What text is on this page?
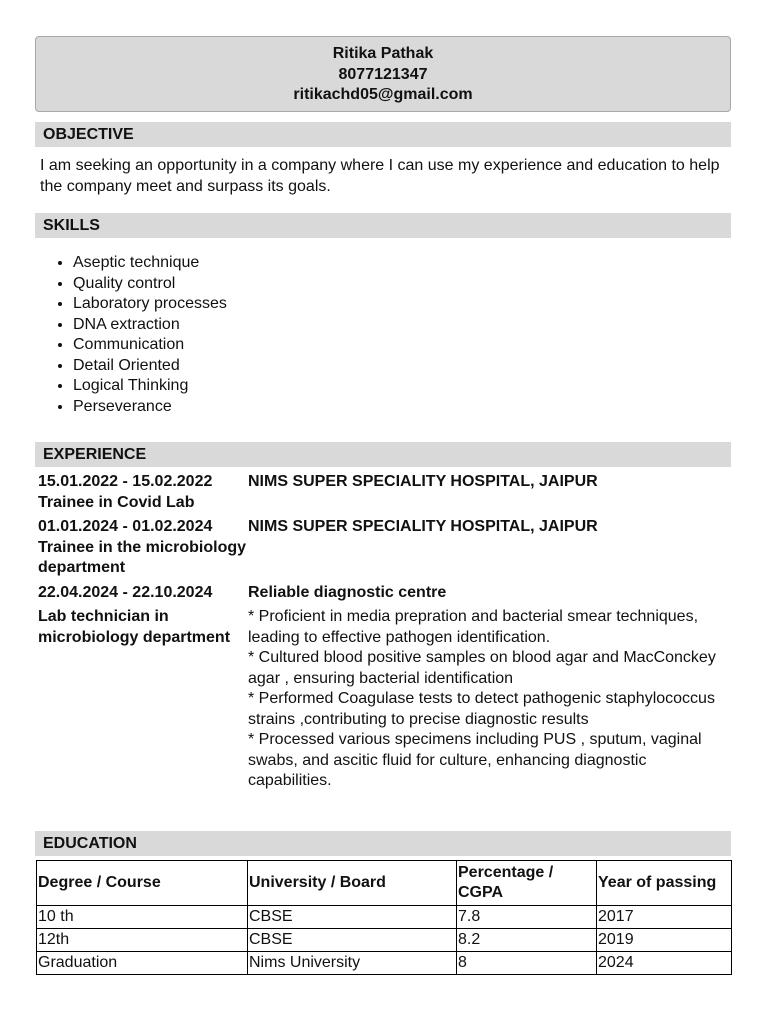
Ritika Pathak
8077121347
ritikachd05@gmail.com
OBJECTIVE
I am seeking an opportunity in a company where I can use my experience and education to help the company meet and surpass its goals.
SKILLS
• Aseptic technique
• Quality control
• Laboratory processes
• DNA extraction
• Communication
• Detail Oriented
• Logical Thinking
• Perseverance
EXPERIENCE
15.01.2022 - 15.02.2022	NIMS SUPER SPECIALITY HOSPITAL, JAIPUR
Trainee in Covid Lab	
01.01.2024 - 01.02.2024	NIMS SUPER SPECIALITY HOSPITAL, JAIPUR
Trainee in the microbiology department	
22.04.2024 - 22.10.2024	Reliable diagnostic centre
Lab technician in microbiology department	* Proficient in media prepration and bacterial smear techniques, leading to effective pathogen identification.
* Cultured blood positive samples on blood agar and MacConckey agar , ensuring bacterial identification
* Performed Coagulase tests to detect pathogenic staphylococcus strains ,contributing to precise diagnostic results
* Processed various specimens including PUS , sputum, vaginal swabs, and ascitic fluid for culture, enhancing diagnostic capabilities.
EDUCATION
Degree / Course	University / Board	Percentage / CGPA	Year of passing
10 th	CBSE	7.8	2017
12th	CBSE	8.2	2019
Graduation	Nims University	8	2024
